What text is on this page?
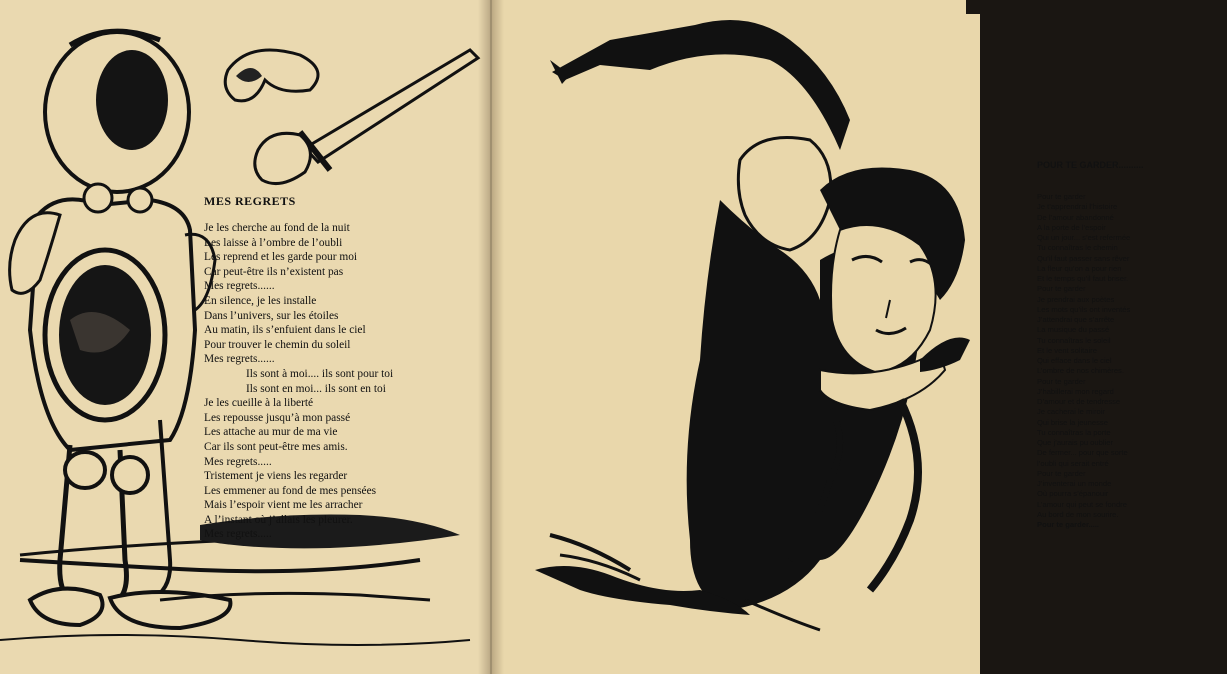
MES REGRETS
Je les cherche au fond de la nuit
Les laisse à l’ombre de l’oubli
Les reprend et les garde pour moi
Car peut-être ils n’existent pas
Mes regrets......
En silence, je les installe
Dans l’univers, sur les étoiles
Au matin, ils s’enfuient dans le ciel
Pour trouver le chemin du soleil
Mes regrets......
Ils sont à moi.... ils sont pour toi
Ils sont en moi... ils sont en toi
Je les cueille à la liberté
Les repousse jusqu’à mon passé
Les attache au mur de ma vie
Car ils sont peut-être mes amis.
Mes regrets.....
Tristement je viens les regarder
Les emmener au fond de mes pensées
Mais l’espoir vient me les arracher
A l’instant où j’allais les pleurer.
Mes regrets.....
POUR TE GARDER..........
Pour te garder
Je t’apprendrai l’histoire
De l’amour abandonné
A la porte de l’espoir
Qui un jour... s’est refermée
Tu connaîtras le chemin
Qu’il faut passer sans rêver
La fleur qu’on a pour rien
Et le temps qu’il faut briser.
Pour te garder
Je prendrai aux poètes
Les mots qu’ils ont inventés
J’attendrai que s’arrête
La musique du passé
Tu connaîtras le soleil
Et le vent solitaire
Qui efface dans le ciel
L’ombre de nos chimères.
Pour te garder
J’habillerai mon regard
D’amour et de tendresse
Je cacherai le miroir
Qui brise la jeunesse
Tu connaîtras la porte
Que j’aurais pu oublier
De fermer... pour que sorte
l’oubli qui serait entré
Pour te garder
J’inventerai un monde
Où pourra s’épanouir
L’amour qui peut se fondre
Au bord de mon sourire.
Pour te garder.....
